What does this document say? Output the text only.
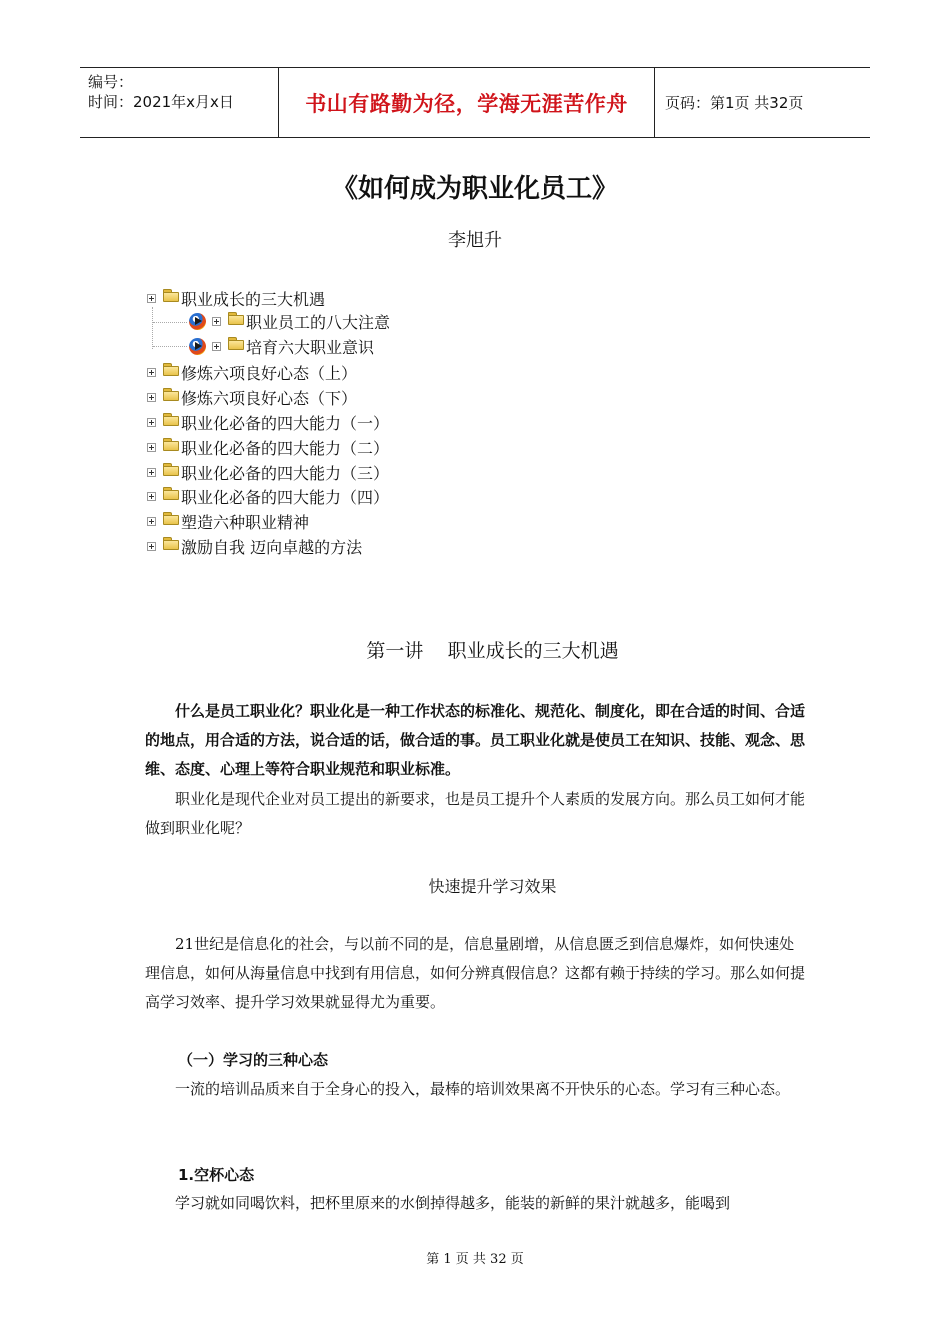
编号：
时间：2021年x月x日	书山有路勤为径，学海无涯苦作舟	页码：第1页 共32页
《如何成为职业化员工》
李旭升
职业成长的三大机遇
职业员工的八大注意
培育六大职业意识
修炼六项良好心态（上）
修炼六项良好心态（下）
职业化必备的四大能力（一）
职业化必备的四大能力（二）
职业化必备的四大能力（三）
职业化必备的四大能力（四）
塑造六种职业精神
激励自我 迈向卓越的方法
第一讲    职业成长的三大机遇
什么是员工职业化？职业化是一种工作状态的标准化、规范化、制度化，即在合适的时间、合适的地点，用合适的方法，说合适的话，做合适的事。员工职业化就是使员工在知识、技能、观念、思维、态度、心理上等符合职业规范和职业标准。
职业化是现代企业对员工提出的新要求，也是员工提升个人素质的发展方向。那么员工如何才能做到职业化呢？
快速提升学习效果
21世纪是信息化的社会，与以前不同的是，信息量剧增，从信息匮乏到信息爆炸，如何快速处理信息，如何从海量信息中找到有用信息，如何分辨真假信息？这都有赖于持续的学习。那么如何提高学习效率、提升学习效果就显得尤为重要。
（一）学习的三种心态
一流的培训品质来自于全身心的投入，最棒的培训效果离不开快乐的心态。学习有三种心态。
1.空杯心态
学习就如同喝饮料，把杯里原来的水倒掉得越多，能装的新鲜的果汁就越多，能喝到
第 1 页 共 32 页
